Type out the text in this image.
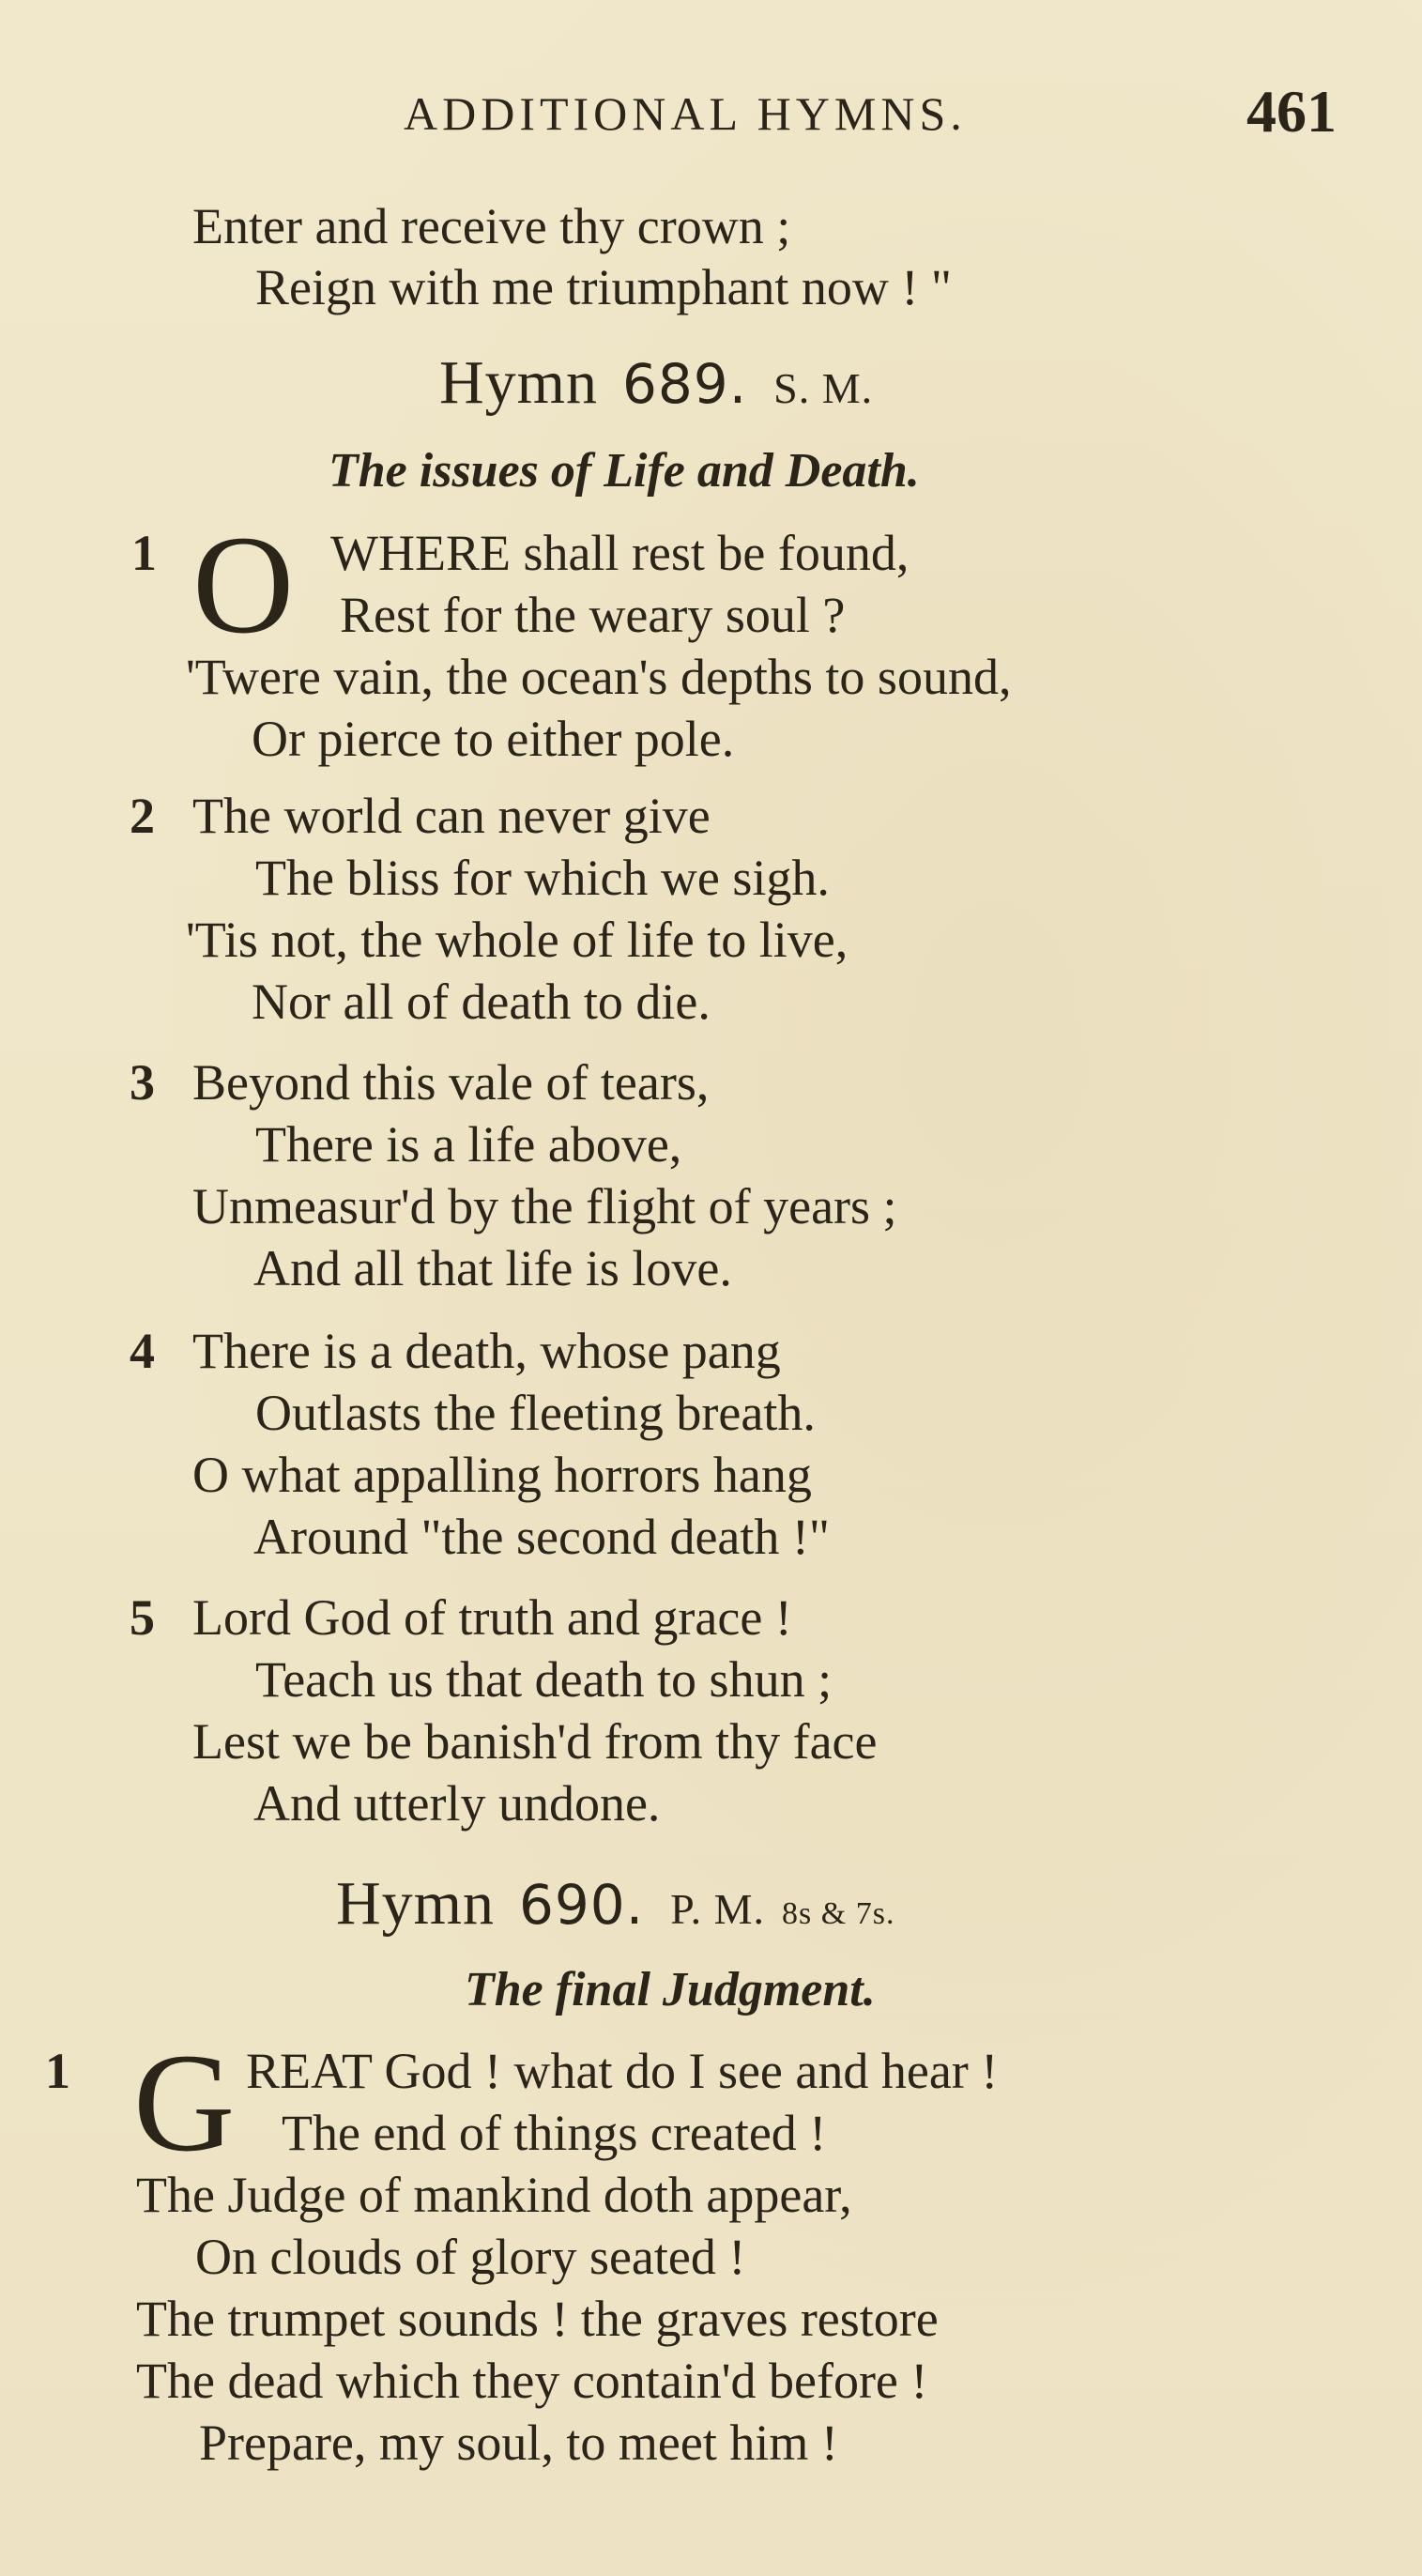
ADDITIONAL HYMNS.	461
Enter and receive thy crown ;
Reign with me triumphant now ! "
Hymn 689. S. M.
The issues of Life and Death.
1 O WHERE shall rest be found,
Rest for the weary soul ?
'Twere vain, the ocean's depths to sound,
Or pierce to either pole.
2 The world can never give
The bliss for which we sigh.
'Tis not, the whole of life to live,
Nor all of death to die.
3 Beyond this vale of tears,
There is a life above,
Unmeasur'd by the flight of years ;
And all that life is love.
4 There is a death, whose pang
Outlasts the fleeting breath.
O what appalling horrors hang
Around "the second death !"
5 Lord God of truth and grace !
Teach us that death to shun ;
Lest we be banish'd from thy face
And utterly undone.
Hymn 690. P. M. 8s & 7s.
The final Judgment.
1 G REAT God ! what do I see and hear !
The end of things created !
The Judge of mankind doth appear,
On clouds of glory seated !
The trumpet sounds ! the graves restore
The dead which they contain'd before !
Prepare, my soul, to meet him !
